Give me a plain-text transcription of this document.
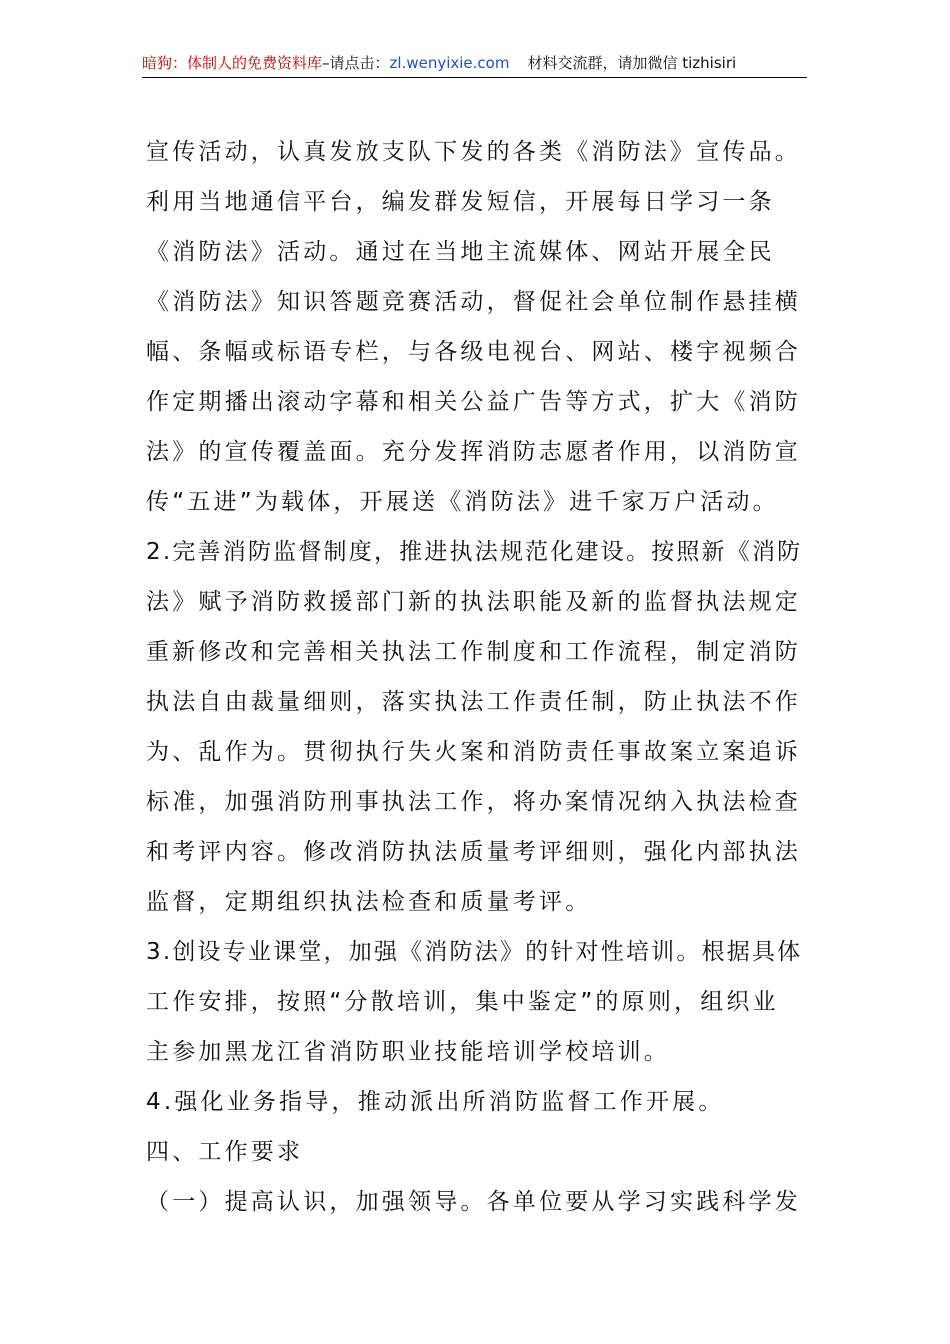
暗狗：体制人的免费资料库–请点击：zl.wenyixie.com 材料交流群，请加微信 tizhisiri
宣传活动，认真发放支队下发的各类《消防法》宣传品。
利用当地通信平台，编发群发短信，开展每日学习一条
《消防法》活动。通过在当地主流媒体、网站开展全民
《消防法》知识答题竞赛活动，督促社会单位制作悬挂横
幅、条幅或标语专栏，与各级电视台、网站、楼宇视频合
作定期播出滚动字幕和相关公益广告等方式，扩大《消防
法》的宣传覆盖面。充分发挥消防志愿者作用，以消防宣
传“五进”为载体，开展送《消防法》进千家万户活动。
2.完善消防监督制度，推进执法规范化建设。按照新《消防
法》赋予消防救援部门新的执法职能及新的监督执法规定
重新修改和完善相关执法工作制度和工作流程，制定消防
执法自由裁量细则，落实执法工作责任制，防止执法不作
为、乱作为。贯彻执行失火案和消防责任事故案立案追诉
标准，加强消防刑事执法工作，将办案情况纳入执法检查
和考评内容。修改消防执法质量考评细则，强化内部执法
监督，定期组织执法检查和质量考评。
3.创设专业课堂，加强《消防法》的针对性培训。根据具体
工作安排，按照“分散培训，集中鉴定”的原则，组织业
主参加黑龙江省消防职业技能培训学校培训。
4.强化业务指导，推动派出所消防监督工作开展。
四、工作要求
（一）提高认识，加强领导。各单位要从学习实践科学发
